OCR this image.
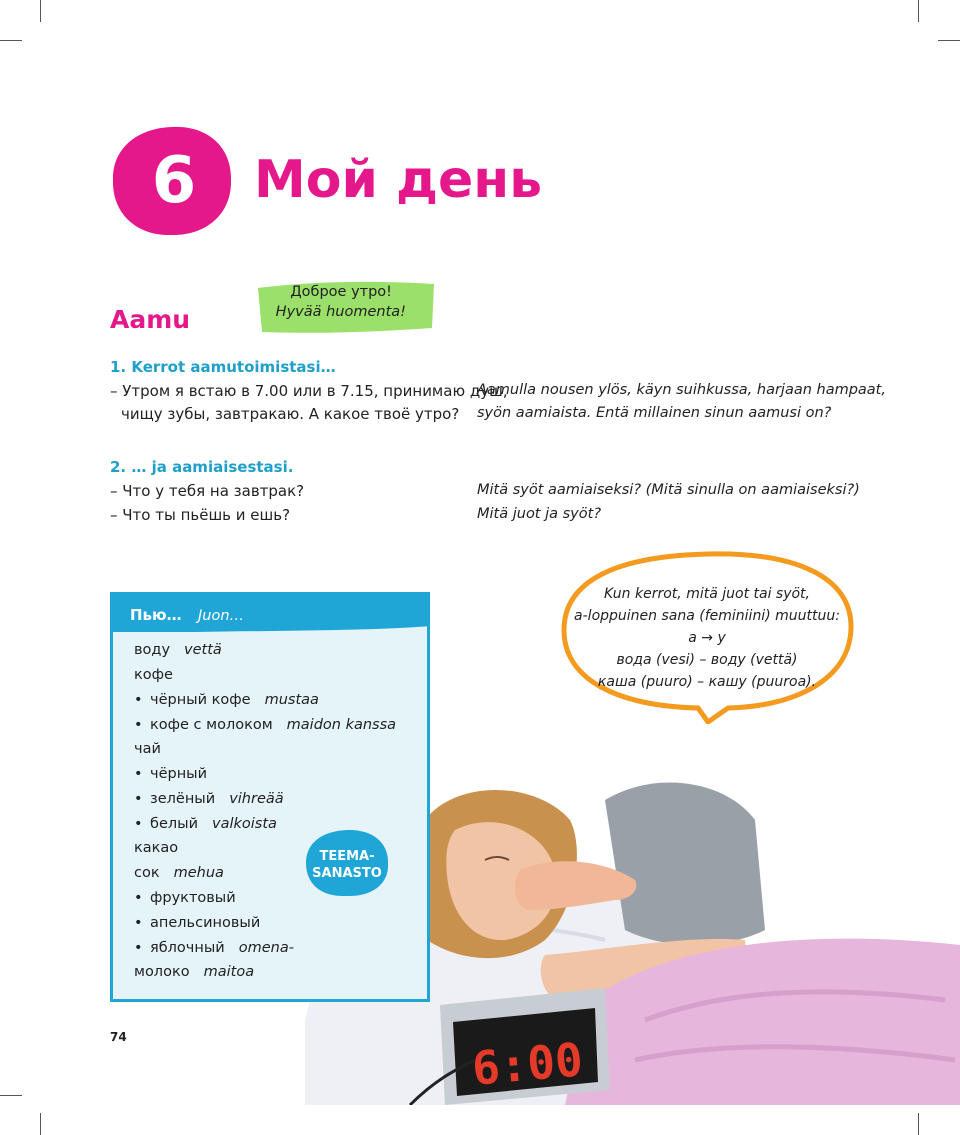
6 Мой день
Aamu
Доброе утро!
Hyvää huomenta!
1. Kerrot aamutoimistasi…
– Утром я встаю в 7.00 или в 7.15, принимаю душ,
чищу зубы, завтракаю. А какое твоё утро?
Aamulla nousen ylös, käyn suihkussa, harjaan hampaat,
syön aamiaista. Entä millainen sinun aamusi on?
2. … ja aamiaisestasi.
– Что у тебя на завтрак?
– Что ты пьёшь и ешь?
Mitä syöt aamiaiseksi? (Mitä sinulla on aamiaiseksi?)
Mitä juot ja syöt?
6:00
Пью… Juon…
воду vettä
кофе
• чёрный кофе mustaa
• кофе с молоком maidon kanssa
чай
• чёрный
• зелёный vihreää
• белый valkoista
какао
сок mehua
• фруктовый
• апельсиновый
• яблочный omena-
молоко maitoa
TEEMA-
SANASTO
Kun kerrot, mitä juot tai syöt,
a-loppuinen sana (feminiini) muuttuu:
а → у
вода (vesi) – воду (vettä)
каша (puuro) – кашу (puuroa).
74
